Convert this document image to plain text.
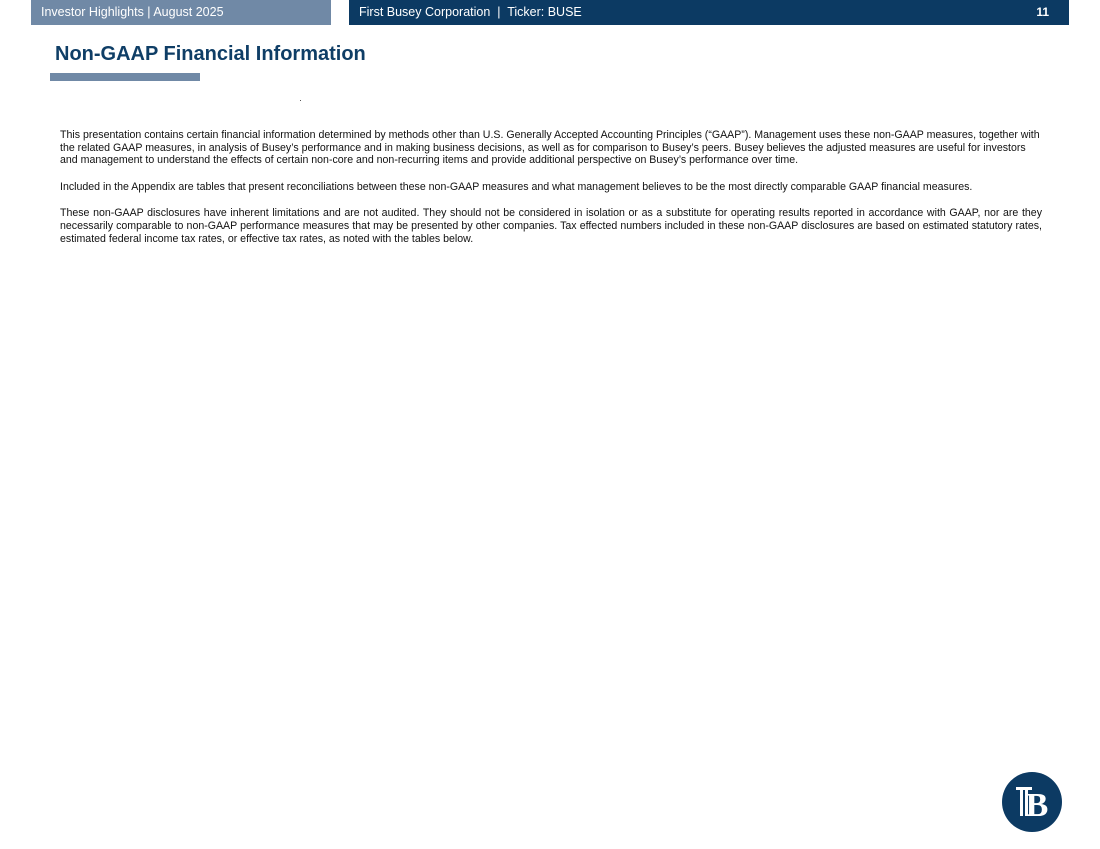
Investor Highlights | August 2025	First Busey Corporation  |  Ticker: BUSE	11
Non-GAAP Financial Information

This presentation contains certain financial information determined by methods other than U.S. Generally Accepted Accounting Principles (“GAAP”). Management uses these non-GAAP measures, together with the related GAAP measures, in analysis of Busey’s performance and in making business decisions, as well as for comparison to Busey’s peers. Busey believes the adjusted measures are useful for investors and management to understand the effects of certain non-core and non-recurring items and provide additional perspective on Busey’s performance over time.

Included in the Appendix are tables that present reconciliations between these non-GAAP measures and what management believes to be the most directly comparable GAAP financial measures.

These non-GAAP disclosures have inherent limitations and are not audited. They should not be considered in isolation or as a substitute for operating results reported in accordance with GAAP, nor are they necessarily comparable to non-GAAP performance measures that may be presented by other companies. Tax effected numbers included in these non-GAAP disclosures are based on estimated statutory rates, estimated federal income tax rates, or effective tax rates, as noted with the tables below.

B
